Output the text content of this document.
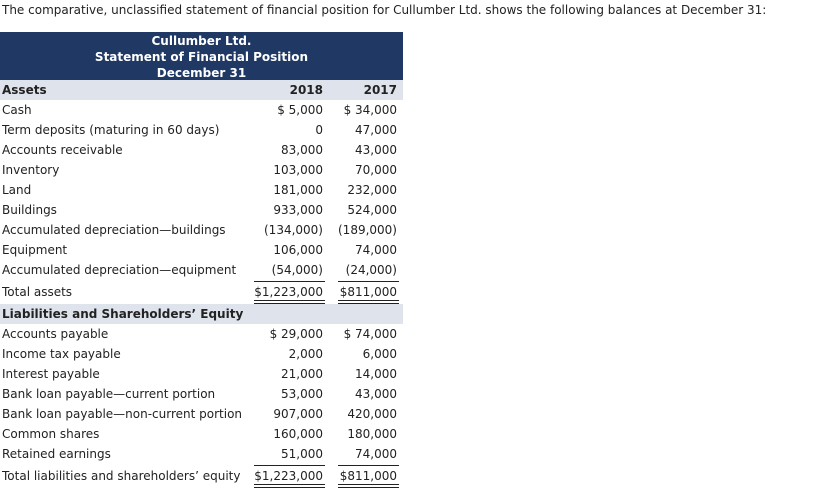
The comparative, unclassified statement of financial position for Cullumber Ltd. shows the following balances at December 31:
Cullumber Ltd.
Statement of Financial Position
December 31
Assets	2018	2017
Cash	$ 5,000 $ 34,000
Term deposits (maturing in 60 days)	0	47,000
Accounts receivable	83,000	43,000
Inventory	103,000	70,000
Land	181,000 232,000
Buildings	933,000 524,000
Accumulated depreciation—buildings	(134,000) (189,000)
Equipment	106,000	74,000
Accumulated depreciation—equipment	(54,000) (24,000)
Total assets	$1,223,000 $811,000
Liabilities and Shareholders’ Equity
Accounts payable	$ 29,000 $ 74,000
Income tax payable	2,000	6,000
Interest payable	21,000	14,000
Bank loan payable—current portion	53,000	43,000
Bank loan payable—non-current portion	907,000 420,000
Common shares	160,000 180,000
Retained earnings	51,000	74,000
Total liabilities and shareholders’ equity $1,223,000 $811,000
